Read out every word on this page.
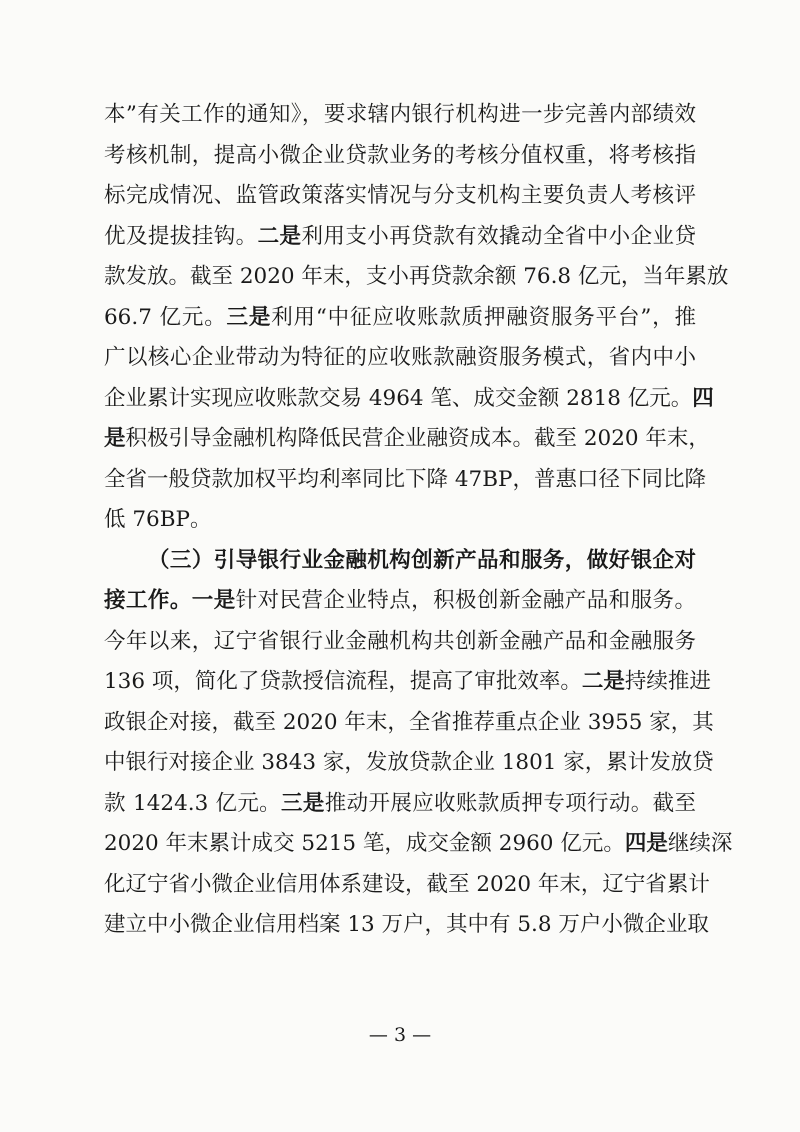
本”有关工作的通知》，要求辖内银行机构进一步完善内部绩效
考核机制，提高小微企业贷款业务的考核分值权重，将考核指
标完成情况、监管政策落实情况与分支机构主要负责人考核评
优及提拔挂钩。二是利用支小再贷款有效撬动全省中小企业贷
款发放。截至 2020 年末，支小再贷款余额 76.8 亿元，当年累放
66.7 亿元。三是利用“中征应收账款质押融资服务平台”，推
广以核心企业带动为特征的应收账款融资服务模式，省内中小
企业累计实现应收账款交易 4964 笔、成交金额 2818 亿元。四
是积极引导金融机构降低民营企业融资成本。截至 2020 年末，
全省一般贷款加权平均利率同比下降 47BP，普惠口径下同比降
低 76BP。
（三）引导银行业金融机构创新产品和服务，做好银企对
接工作。一是针对民营企业特点，积极创新金融产品和服务。
今年以来，辽宁省银行业金融机构共创新金融产品和金融服务
136 项，简化了贷款授信流程，提高了审批效率。二是持续推进
政银企对接，截至 2020 年末，全省推荐重点企业 3955 家，其
中银行对接企业 3843 家，发放贷款企业 1801 家，累计发放贷
款 1424.3 亿元。三是推动开展应收账款质押专项行动。截至
2020 年末累计成交 5215 笔，成交金额 2960 亿元。四是继续深
化辽宁省小微企业信用体系建设，截至 2020 年末，辽宁省累计
建立中小微企业信用档案 13 万户，其中有 5.8 万户小微企业取
— 3 —
